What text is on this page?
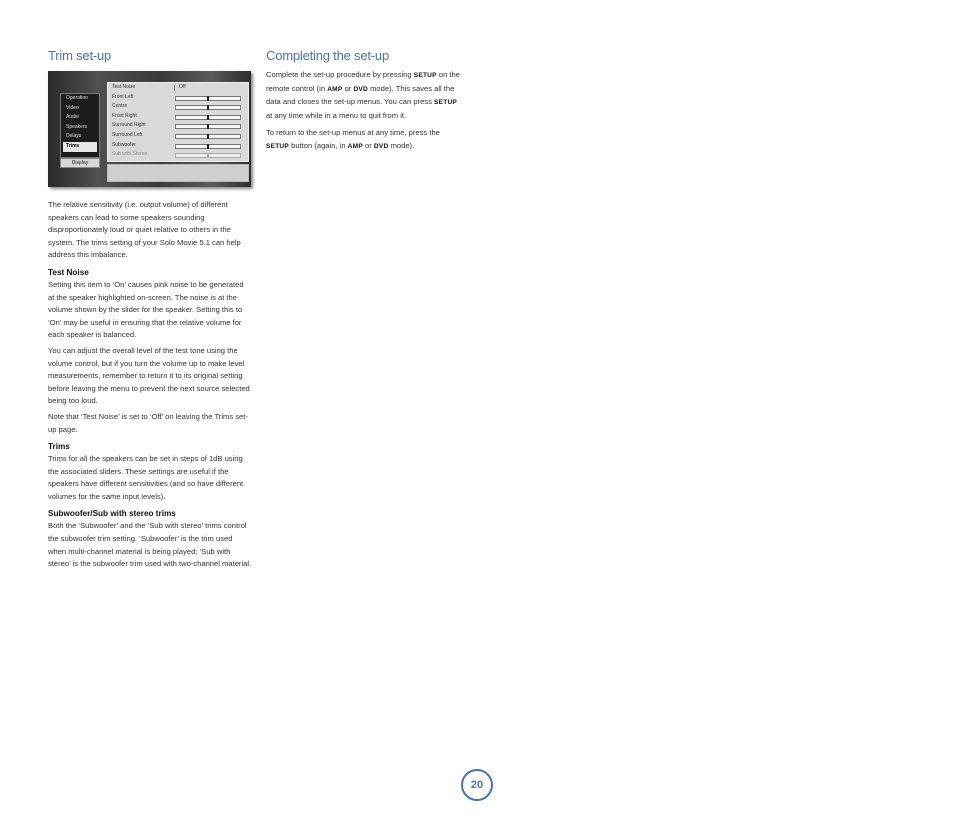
Trim set-up
Operation
Video
Audio
Speakers
Delays
Trims
Display
Test Noise	Off
Front Left
Centre
Front Right
Surround Right
Surround Left
Subwoofer
Sub with Stereo

The relative sensitivity (i.e. output volume) of different speakers can lead to some speakers sounding disproportionately loud or quiet relative to others in the system. The trims setting of your Solo Movie 5.1 can help address this imbalance.

Test Noise

Setting this item to ‘On’ causes pink noise to be generated at the speaker highlighted on-screen. The noise is at the volume shown by the slider for the speaker. Setting this to ‘On’ may be useful in ensuring that the relative volume for each speaker is balanced.

You can adjust the overall level of the test tone using the volume control, but if you turn the volume up to make level measurements, remember to return it to its original setting before leaving the menu to prevent the next source selected being too loud.

Note that ‘Test Noise’ is set to ‘Off’ on leaving the Trims set-up page.

Trims

Trims for all the speakers can be set in steps of 1dB using the associated sliders. These settings are useful if the speakers have different sensitivities (and so have different volumes for the same input levels).

Subwoofer/Sub with stereo trims

Both the ‘Subwoofer’ and the ‘Sub with stereo’ trims control the subwoofer trim setting. ‘Subwoofer’ is the trim used when multi-channel material is being played; ‘Sub with stereo’ is the subwoofer trim used with two-channel material.

Completing the set-up

Complete the set-up procedure by pressing SETUP on the remote control (in AMP or DVD mode). This saves all the data and closes the set-up menus. You can press SETUP at any time while in a menu to quit from it.

To return to the set-up menus at any time, press the SETUP button (again, in AMP or DVD mode).

20
